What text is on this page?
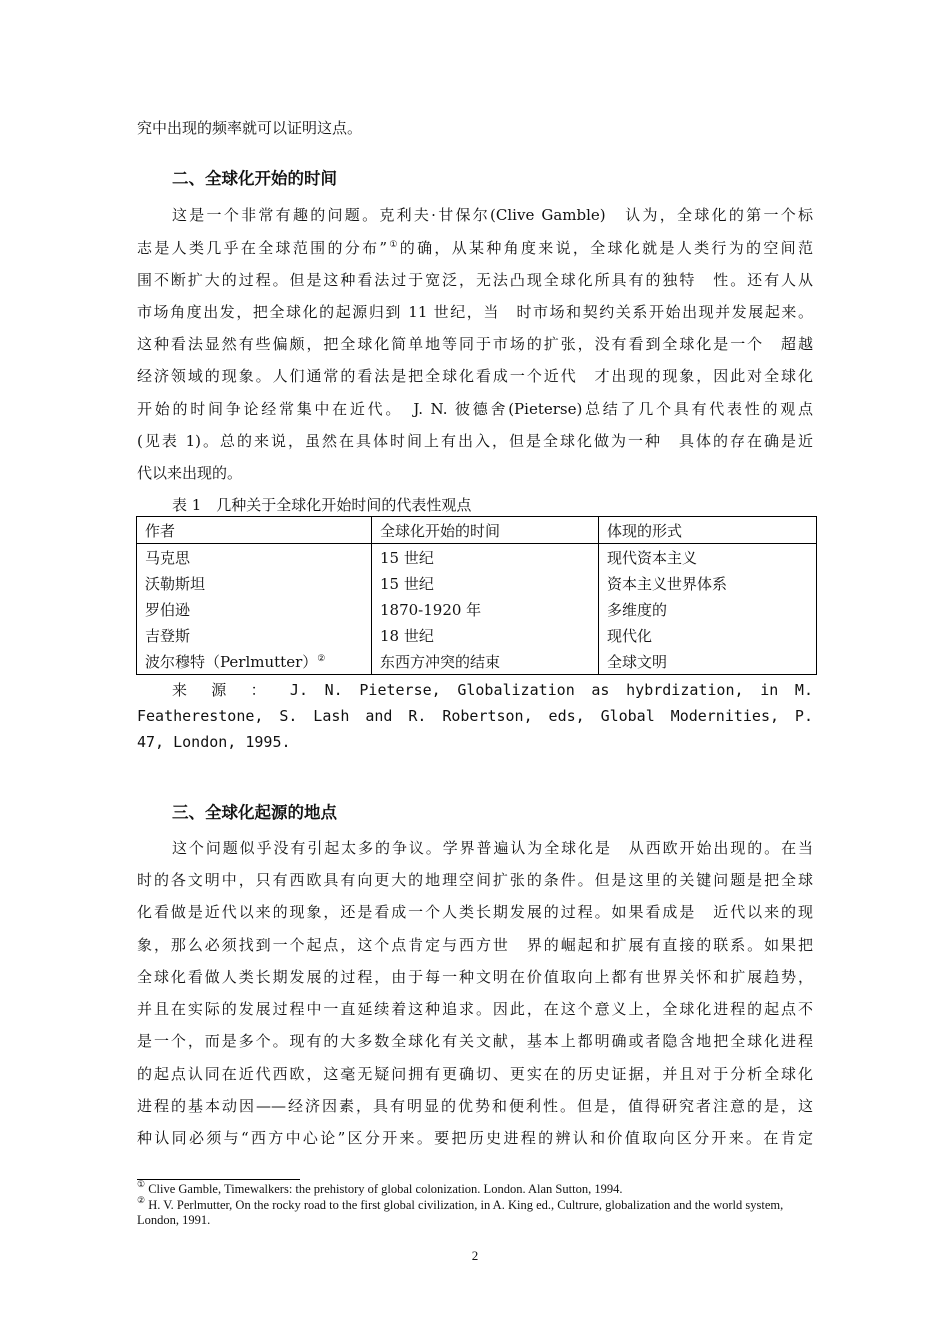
究中出现的频率就可以证明这点。
二、全球化开始的时间
这是一个非常有趣的问题。克利夫·甘保尔(Clive Gamble)　认为，全球化的第一个标
志是人类几乎在全球范围的分布”①的确，从某种角度来说，全球化就是人类行为的空间范
围不断扩大的过程。但是这种看法过于宽泛，无法凸现全球化所具有的独特　性。还有人从
市场角度出发，把全球化的起源归到 11 世纪，当　时市场和契约关系开始出现并发展起来。
这种看法显然有些偏颇，把全球化简单地等同于市场的扩张，没有看到全球化是一个　超越
经济领域的现象。人们通常的看法是把全球化看成一个近代　才出现的现象，因此对全球化
开始的时间争论经常集中在近代。　J. N. 彼德舍(Pieterse)总结了几个具有代表性的观点
(见表 1)。总的来说，虽然在具体时间上有出入，但是全球化做为一种　具体的存在确是近
代以来出现的。
表 1　几种关于全球化开始时间的代表性观点
作者	全球化开始的时间	体现的形式
马克思	15 世纪	现代资本主义
沃勒斯坦	15 世纪	资本主义世界体系
罗伯逊	1870-1920 年	多维度的
吉登斯	18 世纪	现代化
波尔穆特（Perlmutter）②	东西方冲突的结束	全球文明
来 源 ： J. N. Pieterse, Globalization as hybrdization, in M.
Featherestone, S. Lash and R. Robertson, eds, Global Modernities, P.
47, London, 1995.
三、全球化起源的地点
这个问题似乎没有引起太多的争议。学界普遍认为全球化是　从西欧开始出现的。在当
时的各文明中，只有西欧具有向更大的地理空间扩张的条件。但是这里的关键问题是把全球
化看做是近代以来的现象，还是看成一个人类长期发展的过程。如果看成是　近代以来的现
象，那么必须找到一个起点，这个点肯定与西方世　界的崛起和扩展有直接的联系。如果把
全球化看做人类长期发展的过程，由于每一种文明在价值取向上都有世界关怀和扩展趋势，
并且在实际的发展过程中一直延续着这种追求。因此，在这个意义上，全球化进程的起点不
是一个，而是多个。现有的大多数全球化有关文献，基本上都明确或者隐含地把全球化进程
的起点认同在近代西欧，这毫无疑问拥有更确切、更实在的历史证据，并且对于分析全球化
进程的基本动因——经济因素，具有明显的优势和便利性。但是，值得研究者注意的是，这
种认同必须与“西方中心论”区分开来。要把历史进程的辨认和价值取向区分开来。在肯定
① Clive Gamble, Timewalkers: the prehistory of global colonization. London. Alan Sutton, 1994.
② H. V. Perlmutter, On the rocky road to the first global civilization, in A. King ed., Cultrure, globalization and the world system, London, 1991.
2
